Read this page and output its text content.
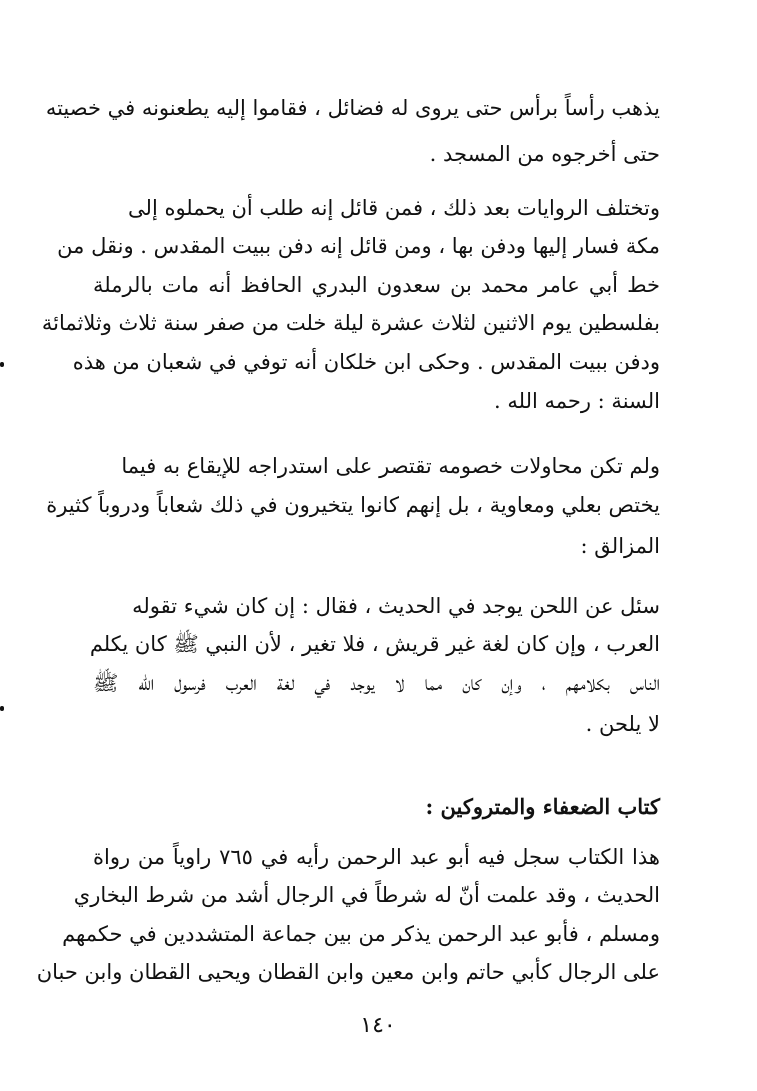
يذهب رأساً برأس حتى يروى له فضائل ، فقاموا إليه يطعنونه في خصيته
حتى أخرجوه من المسجد .
وتختلف الروايات بعد ذلك ، فمن قائل إنه طلب أن يحملوه إلى
مكة فسار إليها ودفن بها ، ومن قائل إنه دفن ببيت المقدس . ونقل من
خط أبي عامر محمد بن سعدون البدري الحافظ أنه مات بالرملة
بفلسطين يوم الاثنين لثلاث عشرة ليلة خلت من صفر سنة ثلاث وثلاثمائة
ودفن ببيت المقدس . وحكى ابن خلكان أنه توفي في شعبان من هذه
السنة : رحمه الله .
ولم تكن محاولات خصومه تقتصر على استدراجه للإيقاع به فيما
يختص بعلي ومعاوية ، بل إنهم كانوا يتخيرون في ذلك شعاباً ودروباً كثيرة
المزالق :
سئل عن اللحن يوجد في الحديث ، فقال : إن كان شيء تقوله
العرب ، وإن كان لغة غير قريش ، فلا تغير ، لأن النبي ﷺ كان يكلم
الناس بكلامهم ، وإن كان مما لا يوجد في لغة العرب فرسول الله ﷺ
لا يلحن .
كتاب الضعفاء والمتروكين :
هذا الكتاب سجل فيه أبو عبد الرحمن رأيه في ٧٦٥ راوياً من رواة
الحديث ، وقد علمت أنّ له شرطاً في الرجال أشد من شرط البخاري
ومسلم ، فأبو عبد الرحمن يذكر من بين جماعة المتشددين في حكمهم
على الرجال كأبي حاتم وابن معين وابن القطان ويحيى القطان وابن حبان
١٤٠
